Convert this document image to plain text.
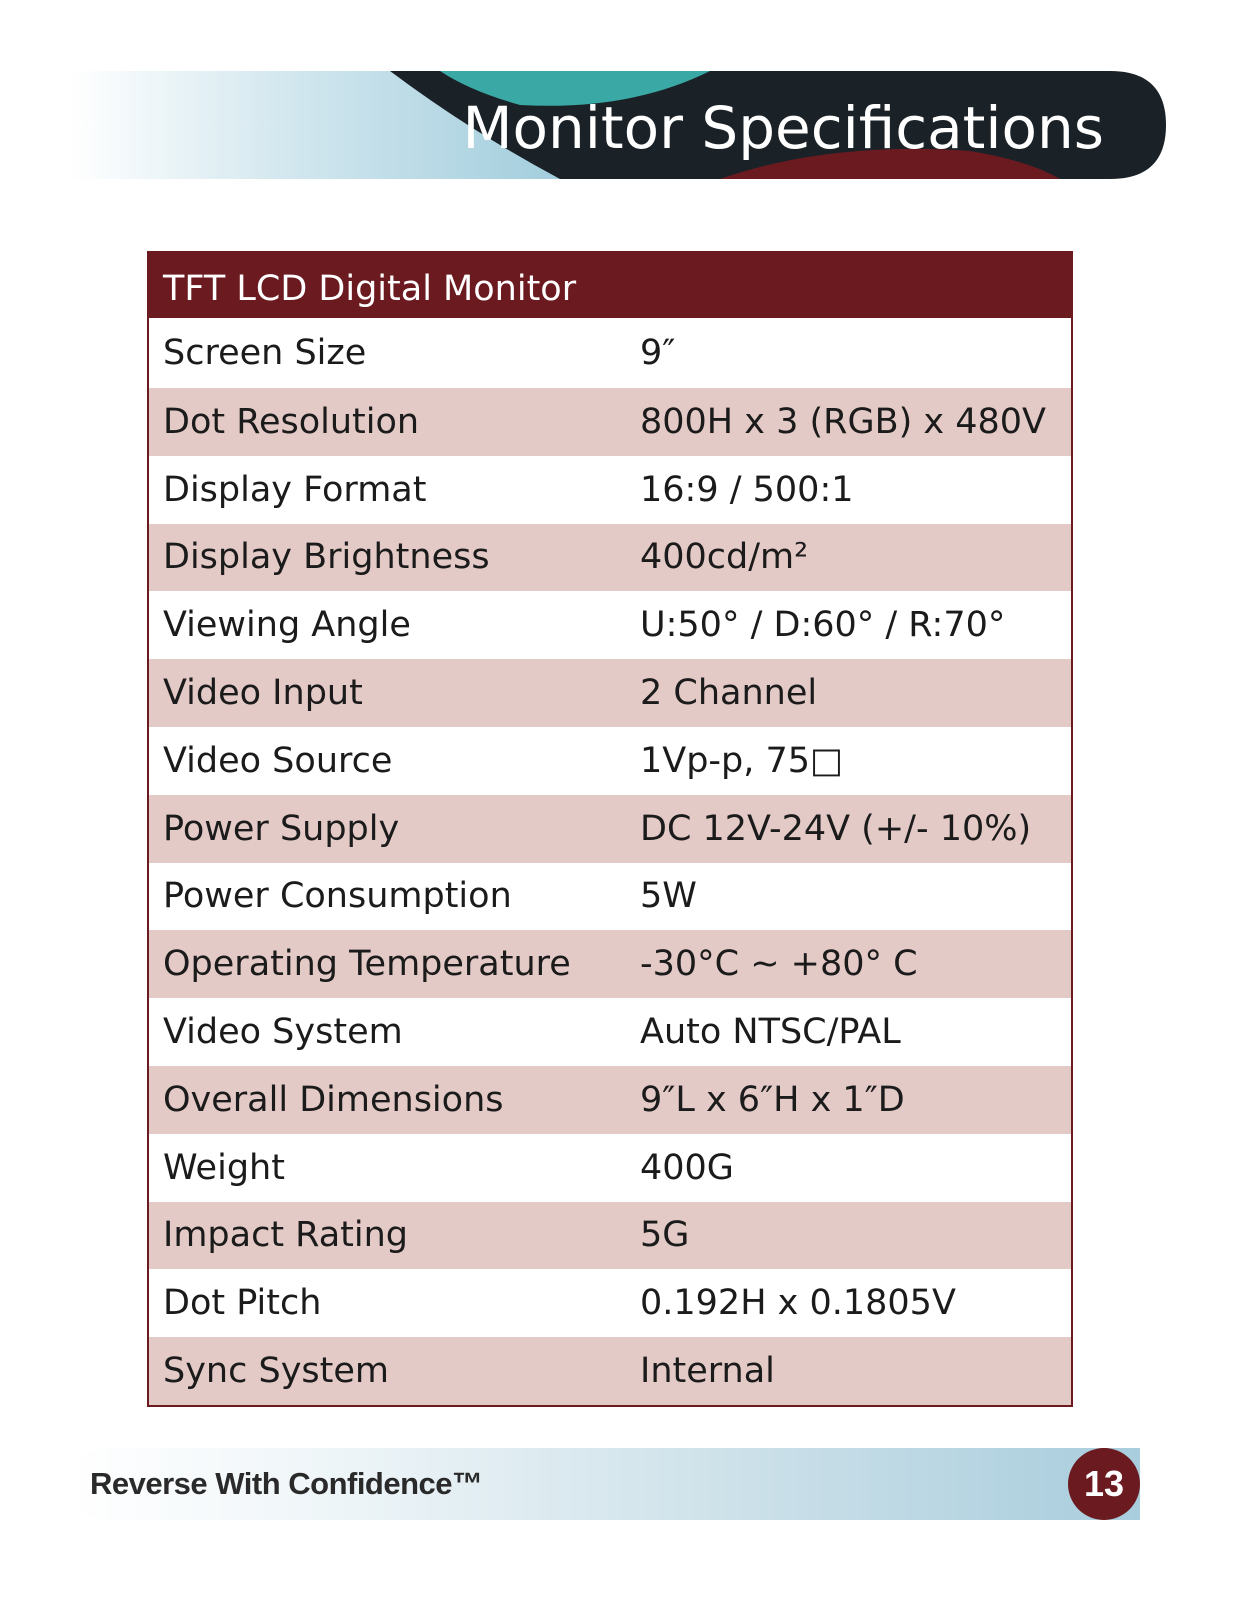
Monitor Specifications
TFT LCD Digital Monitor
Screen Size	9″
Dot Resolution	800H x 3 (RGB) x 480V
Display Format	16:9 / 500:1
Display Brightness	400cd/m²
Viewing Angle	U:50° / D:60° / R:70°
Video Input	2 Channel
Video Source	1Vp-p, 75□
Power Supply	DC 12V-24V (+/- 10%)
Power Consumption	5W
Operating Temperature	-30°C ~ +80° C
Video System	Auto NTSC/PAL
Overall Dimensions	9″L x 6″H x 1″D
Weight	400G
Impact Rating	5G
Dot Pitch	0.192H x 0.1805V
Sync System	Internal
Reverse With Confidence™	13
